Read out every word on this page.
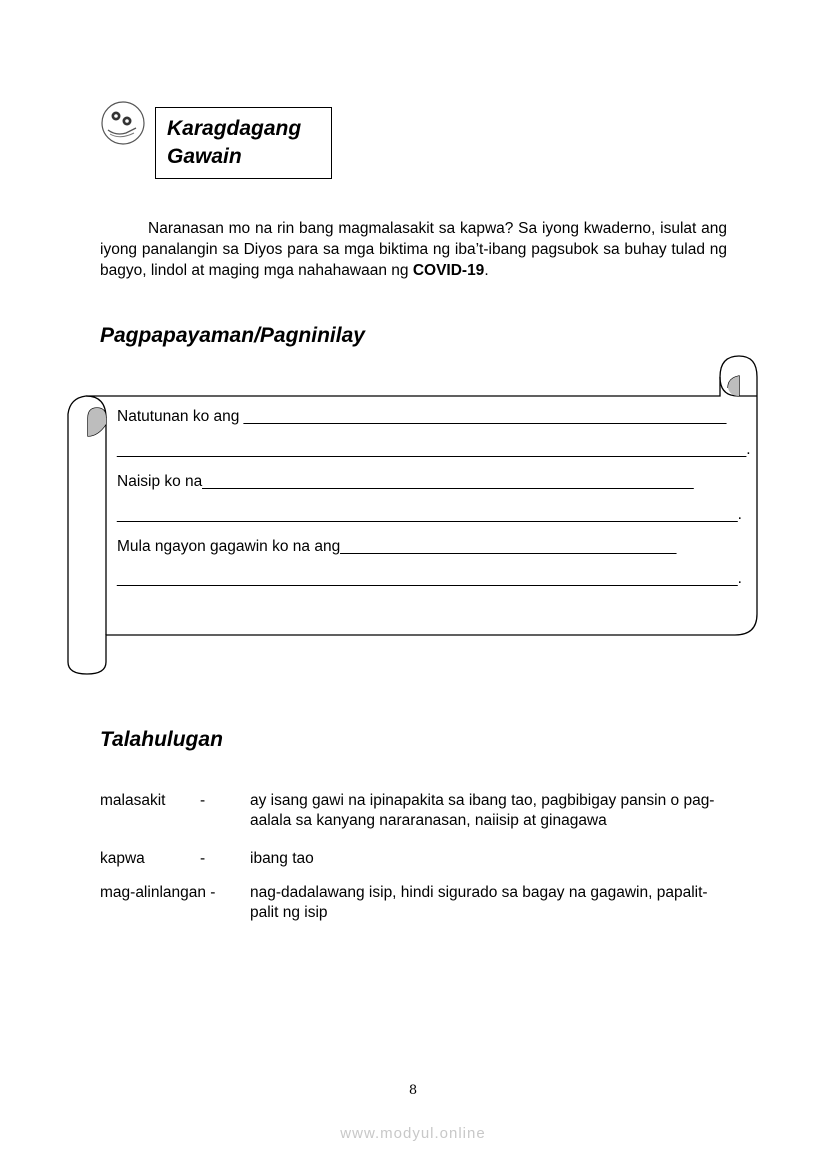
Karagdagang Gawain

Naranasan mo na rin bang magmalasakit sa kapwa? Sa iyong kwaderno, isulat ang iyong panalangin sa Diyos para sa mga biktima ng iba’t-ibang pagsubok sa buhay tulad ng bagyo, lindol at maging mga nahahawaan ng COVID-19.

Pagpapayaman/Pagninilay
Natutunan ko ang ________________________________________________________
_________________________________________________________________________.
Naisip ko na_________________________________________________________
________________________________________________________________________.
Mula ngayon gagawin ko na ang_______________________________________
________________________________________________________________________.
Talahulugan
malasakit -	ay isang gawi na ipinapakita sa ibang tao, pagbibigay pansin o pag-aalala sa kanyang nararanasan, naiisip at ginagawa
kapwa	-	ibang tao
mag-alinlangan - nag-dadalawang isip, hindi sigurado sa bagay na gagawin, papalit-palit ng isip
8
www.modyul.online
